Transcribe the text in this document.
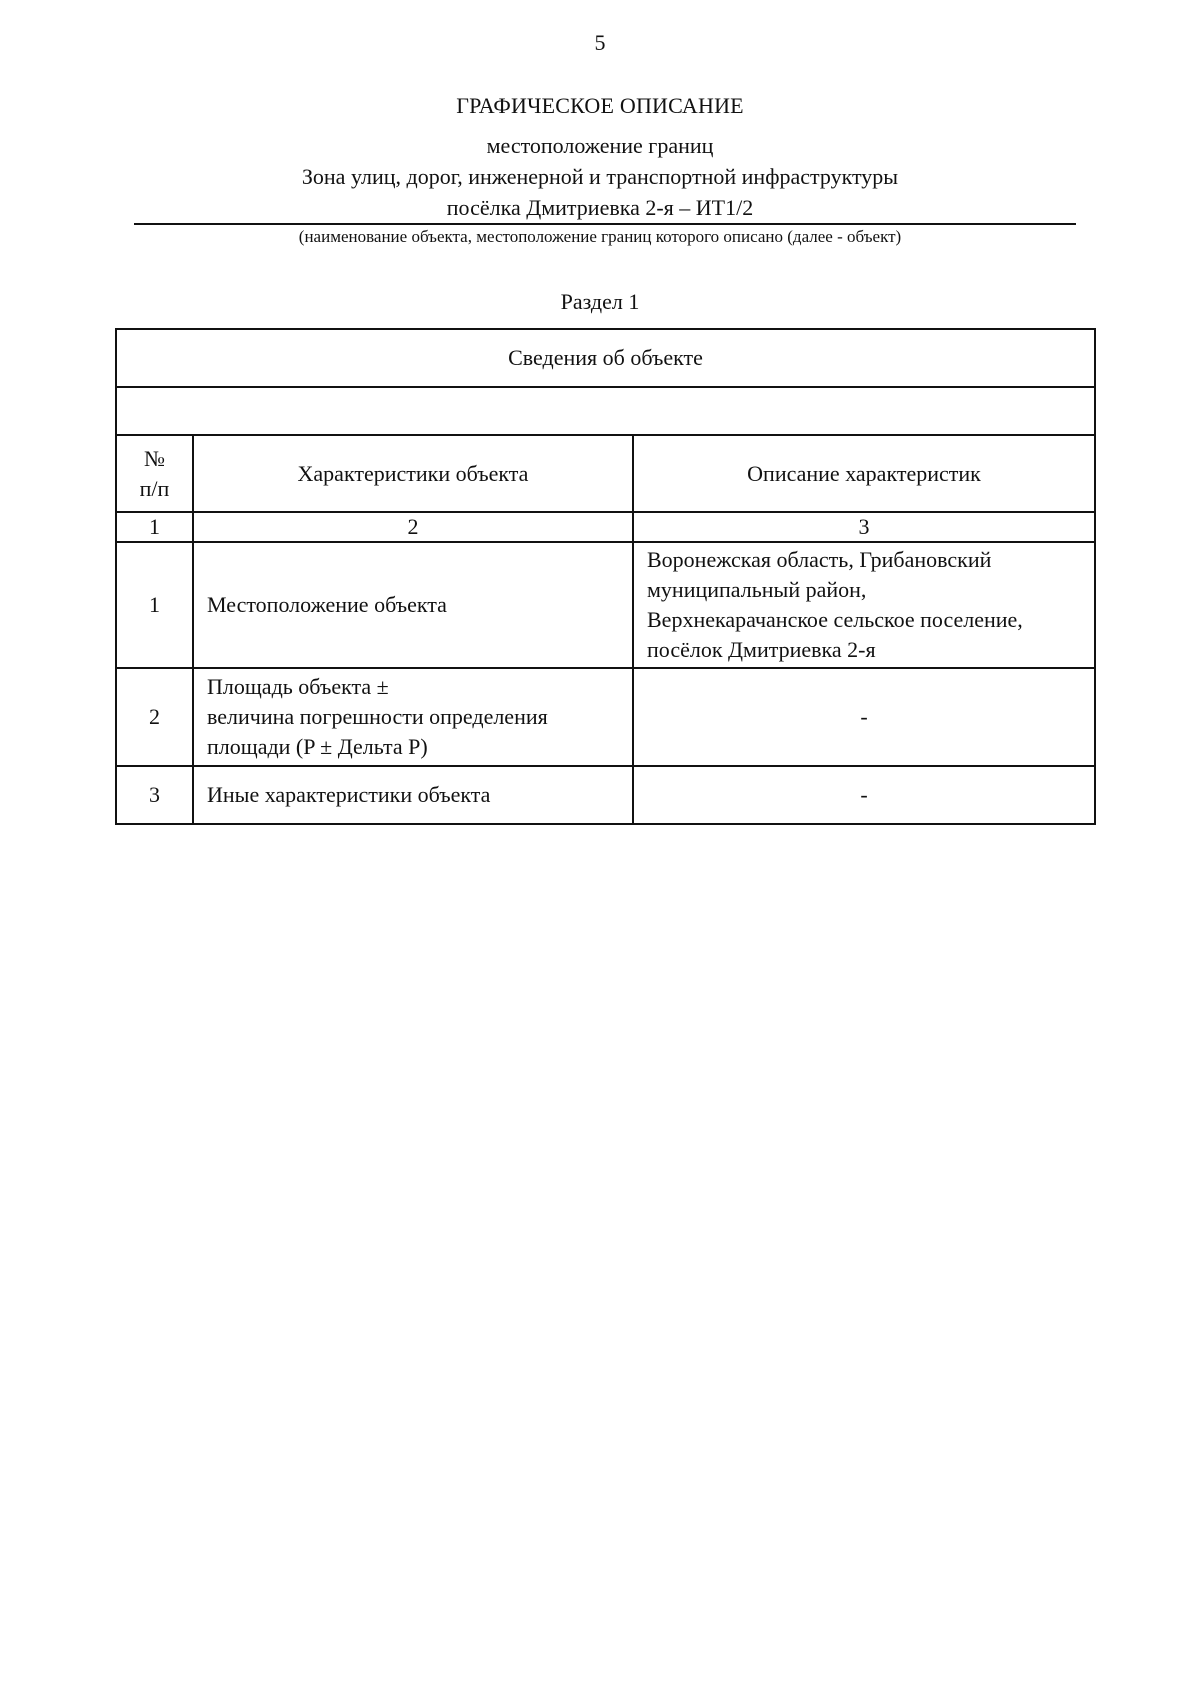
5
ГРАФИЧЕСКОЕ ОПИСАНИЕ
местоположение границ
Зона улиц, дорог, инженерной и транспортной инфраструктуры
посёлка Дмитриевка 2-я – ИТ1/2
(наименование объекта, местоположение границ которого описано (далее - объект)
Раздел 1
Сведения об объекте		

№
п/п	Характеристики объекта	Описание характеристик
1	2	3
1	Местоположение объекта	Воронежская область, Грибановский
муниципальный район,
Верхнекарачанское сельское поселение,
посёлок Дмитриевка 2-я

2	Площадь объекта ±
величина погрешности определения
площади (P ± Дельта P)	-

3	Иные характеристики объекта	-
